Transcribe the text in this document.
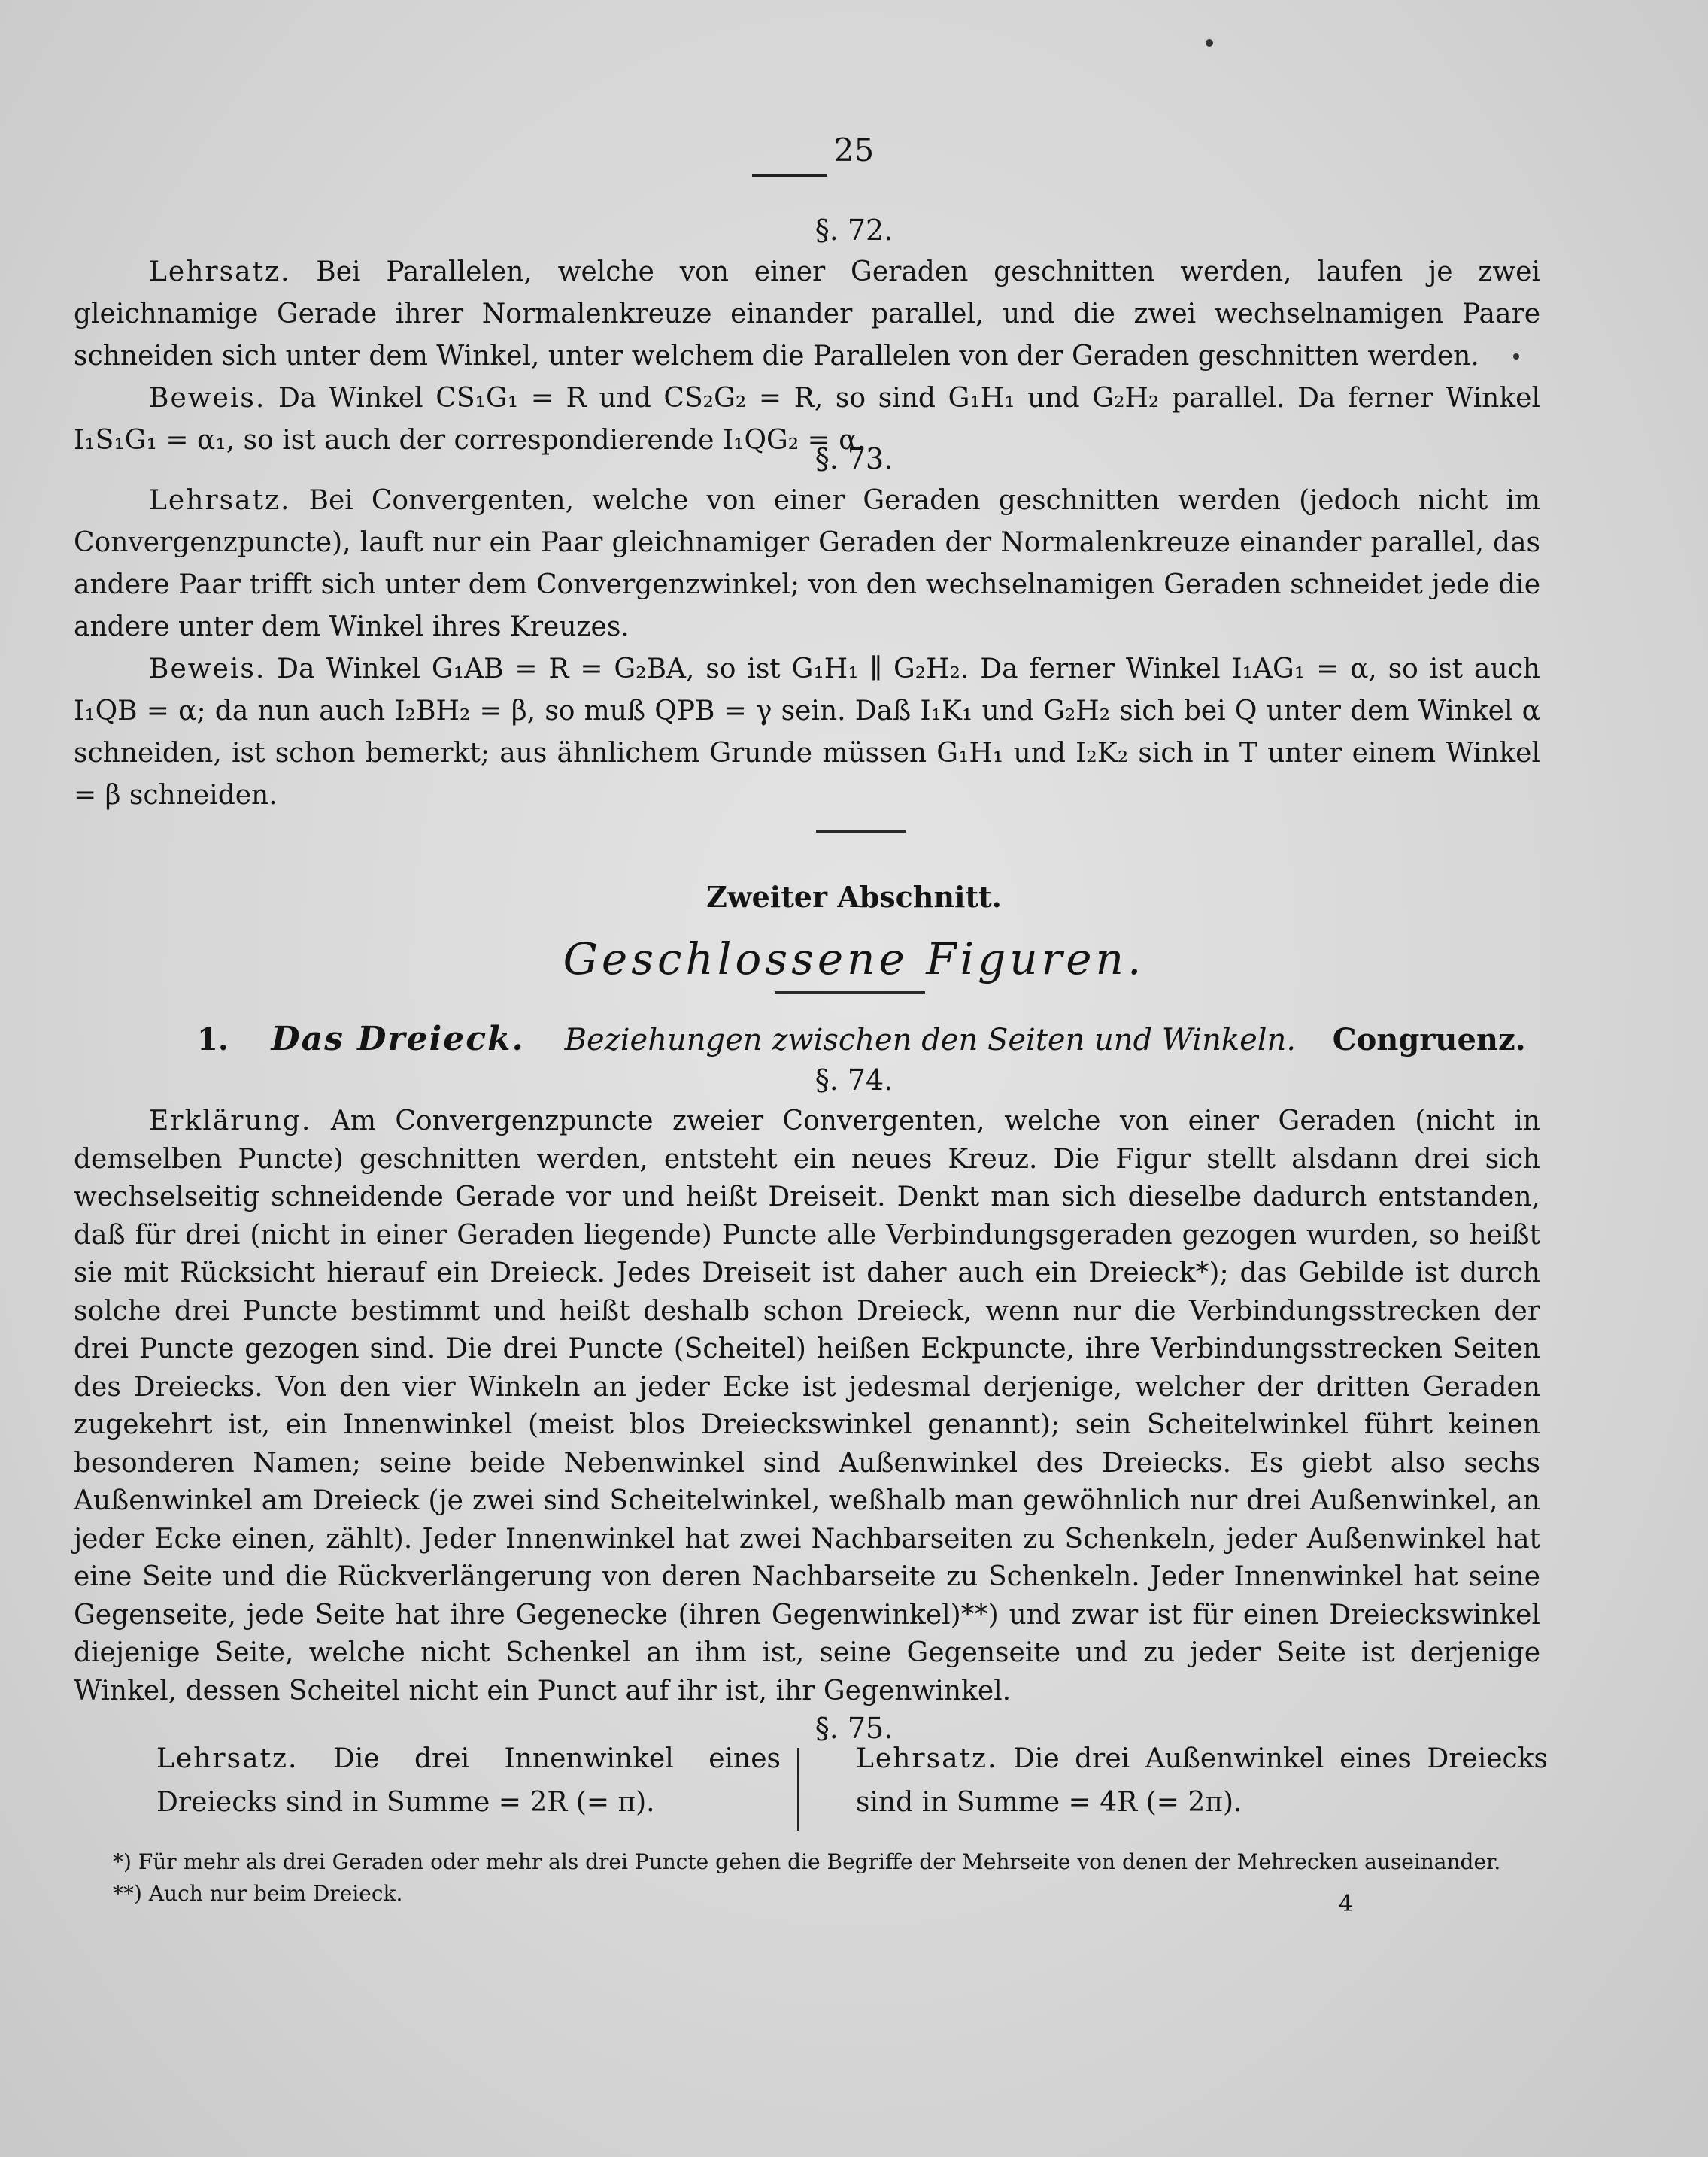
25
§. 72.

Lehrsatz. Bei Parallelen, welche von einer Geraden geschnitten werden, laufen je zwei gleichnamige Gerade ihrer Normalenkreuze einander parallel, und die zwei wechselnamigen Paare schneiden sich unter dem Winkel, unter welchem die Parallelen von der Geraden geschnitten werden.

Beweis. Da Winkel CS₁G₁ = R und CS₂G₂ = R, so sind G₁H₁ und G₂H₂ parallel. Da ferner Winkel I₁S₁G₁ = α₁, so ist auch der correspondierende I₁QG₂ = α.

§. 73.

Lehrsatz. Bei Convergenten, welche von einer Geraden geschnitten werden (jedoch nicht im Convergenzpuncte), lauft nur ein Paar gleichnamiger Geraden der Normalenkreuze einander parallel, das andere Paar trifft sich unter dem Convergenzwinkel; von den wechselnamigen Geraden schneidet jede die andere unter dem Winkel ihres Kreuzes.

Beweis. Da Winkel G₁AB = R = G₂BA, so ist G₁H₁ ∥ G₂H₂. Da ferner Winkel I₁AG₁ = α, so ist auch I₁QB = α; da nun auch I₂BH₂ = β, so muß QPB = γ sein. Daß I₁K₁ und G₂H₂ sich bei Q unter dem Winkel α schneiden, ist schon bemerkt; aus ähnlichem Grunde müssen G₁H₁ und I₂K₂ sich in T unter einem Winkel = β schneiden.

Zweiter Abschnitt.
Geschlossene Figuren.
1. Das Dreieck. Beziehungen zwischen den Seiten und Winkeln. Congruenz.
§. 74.

Erklärung. Am Convergenzpuncte zweier Convergenten, welche von einer Geraden (nicht in demselben Puncte) geschnitten werden, entsteht ein neues Kreuz. Die Figur stellt alsdann drei sich wechselseitig schneidende Gerade vor und heißt Dreiseit. Denkt man sich dieselbe dadurch entstanden, daß für drei (nicht in einer Geraden liegende) Puncte alle Verbindungsgeraden gezogen wurden, so heißt sie mit Rücksicht hierauf ein Dreieck. Jedes Dreiseit ist daher auch ein Dreieck*); das Gebilde ist durch solche drei Puncte bestimmt und heißt deshalb schon Dreieck, wenn nur die Verbindungsstrecken der drei Puncte gezogen sind. Die drei Puncte (Scheitel) heißen Eckpuncte, ihre Verbindungsstrecken Seiten des Dreiecks. Von den vier Winkeln an jeder Ecke ist jedesmal derjenige, welcher der dritten Geraden zugekehrt ist, ein Innenwinkel (meist blos Dreieckswinkel genannt); sein Scheitelwinkel führt keinen besonderen Namen; seine beide Nebenwinkel sind Außenwinkel des Dreiecks. Es giebt also sechs Außenwinkel am Dreieck (je zwei sind Scheitelwinkel, weßhalb man gewöhnlich nur drei Außenwinkel, an jeder Ecke einen, zählt). Jeder Innenwinkel hat zwei Nachbarseiten zu Schenkeln, jeder Außenwinkel hat eine Seite und die Rückverlängerung von deren Nachbarseite zu Schenkeln. Jeder Innenwinkel hat seine Gegenseite, jede Seite hat ihre Gegenecke (ihren Gegenwinkel)**) und zwar ist für einen Dreieckswinkel diejenige Seite, welche nicht Schenkel an ihm ist, seine Gegenseite und zu jeder Seite ist derjenige Winkel, dessen Scheitel nicht ein Punct auf ihr ist, ihr Gegenwinkel.

§. 75.
Lehrsatz. Die drei Innenwinkel eines Dreiecks sind in Summe = 2R (= π).
Lehrsatz. Die drei Außenwinkel eines Dreiecks sind in Summe = 4R (= 2π).

*) Für mehr als drei Geraden oder mehr als drei Puncte gehen die Begriffe der Mehrseite von denen der Mehrecken auseinander.

**) Auch nur beim Dreieck.	4
